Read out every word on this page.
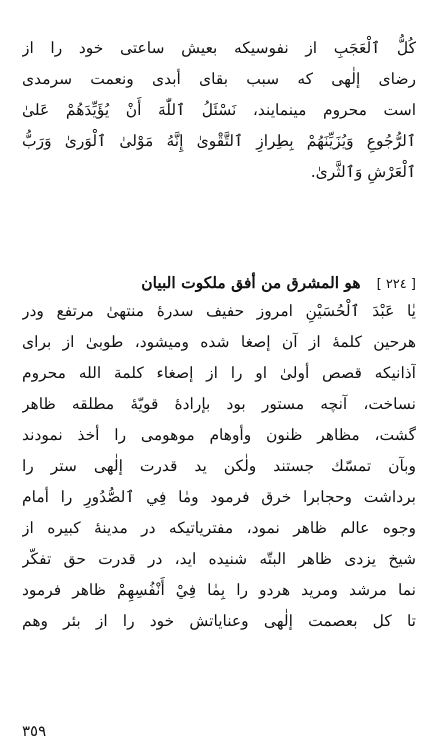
كُلُّ ٱلْعَجَبِ از نفوسيكه بعيش ساعتى خود را از
رضاى إلٰهى كه سبب بقاى أبدى ونعمت سرمدى
است محروم مينمايند، نَسْئَلُ ٱللّٰهَ أَنْ يُؤَيِّدَهُمْ عَلىٰ
ٱلرُّجُوعِ وَيُزَيِّنَهُمْ بِطِرازِ ٱلتَّقْوىٰ إِنَّهُ مَوْلىٰ ٱلْوَرىٰ وَرَبُّ
ٱلْعَرْشِ وَٱلثَّرىٰ.
[ ٢٢٤ ]هو المشرق من أفق ملكوت البيان
يٰا عَبْدَ ٱلْحُسَيْنِ امروز حفيف سدرهٔ منتهىٰ مرتفع ودر
هرحين كلمهٔ از آن إصغا شده وميشود، طوبىٰ از براى
آذانيكه قصص أولىٰ او را از إصغاء كلمة الله محروم
نساخت، آنچه مستور بود بإرادهٔ قويّهٔ مطلقه ظاهر
گشت، مظاهر ظنون وأوهام موهومى را أخذ نمودند
وبآن تمسّك جستند ولٰكن يد قدرت إلٰهى ستر را
برداشت وحجابرا خرق فرمود ومٰا فِي ٱلصُّدُورِ را أمام
وجوه عالم ظاهر نمود، مفترياتيكه در مدينهٔ كبيره از
شيخ يزدى ظاهر البتّه شنيده ايد، در قدرت حق تفكّر
نما مرشد ومريد هردو را بِمٰا فِيْ أَنْفُسِهِمْ ظاهر فرمود
تا كل بعصمت إلٰهى وعناياتش خود را از بئر وهم
٣٥٩
